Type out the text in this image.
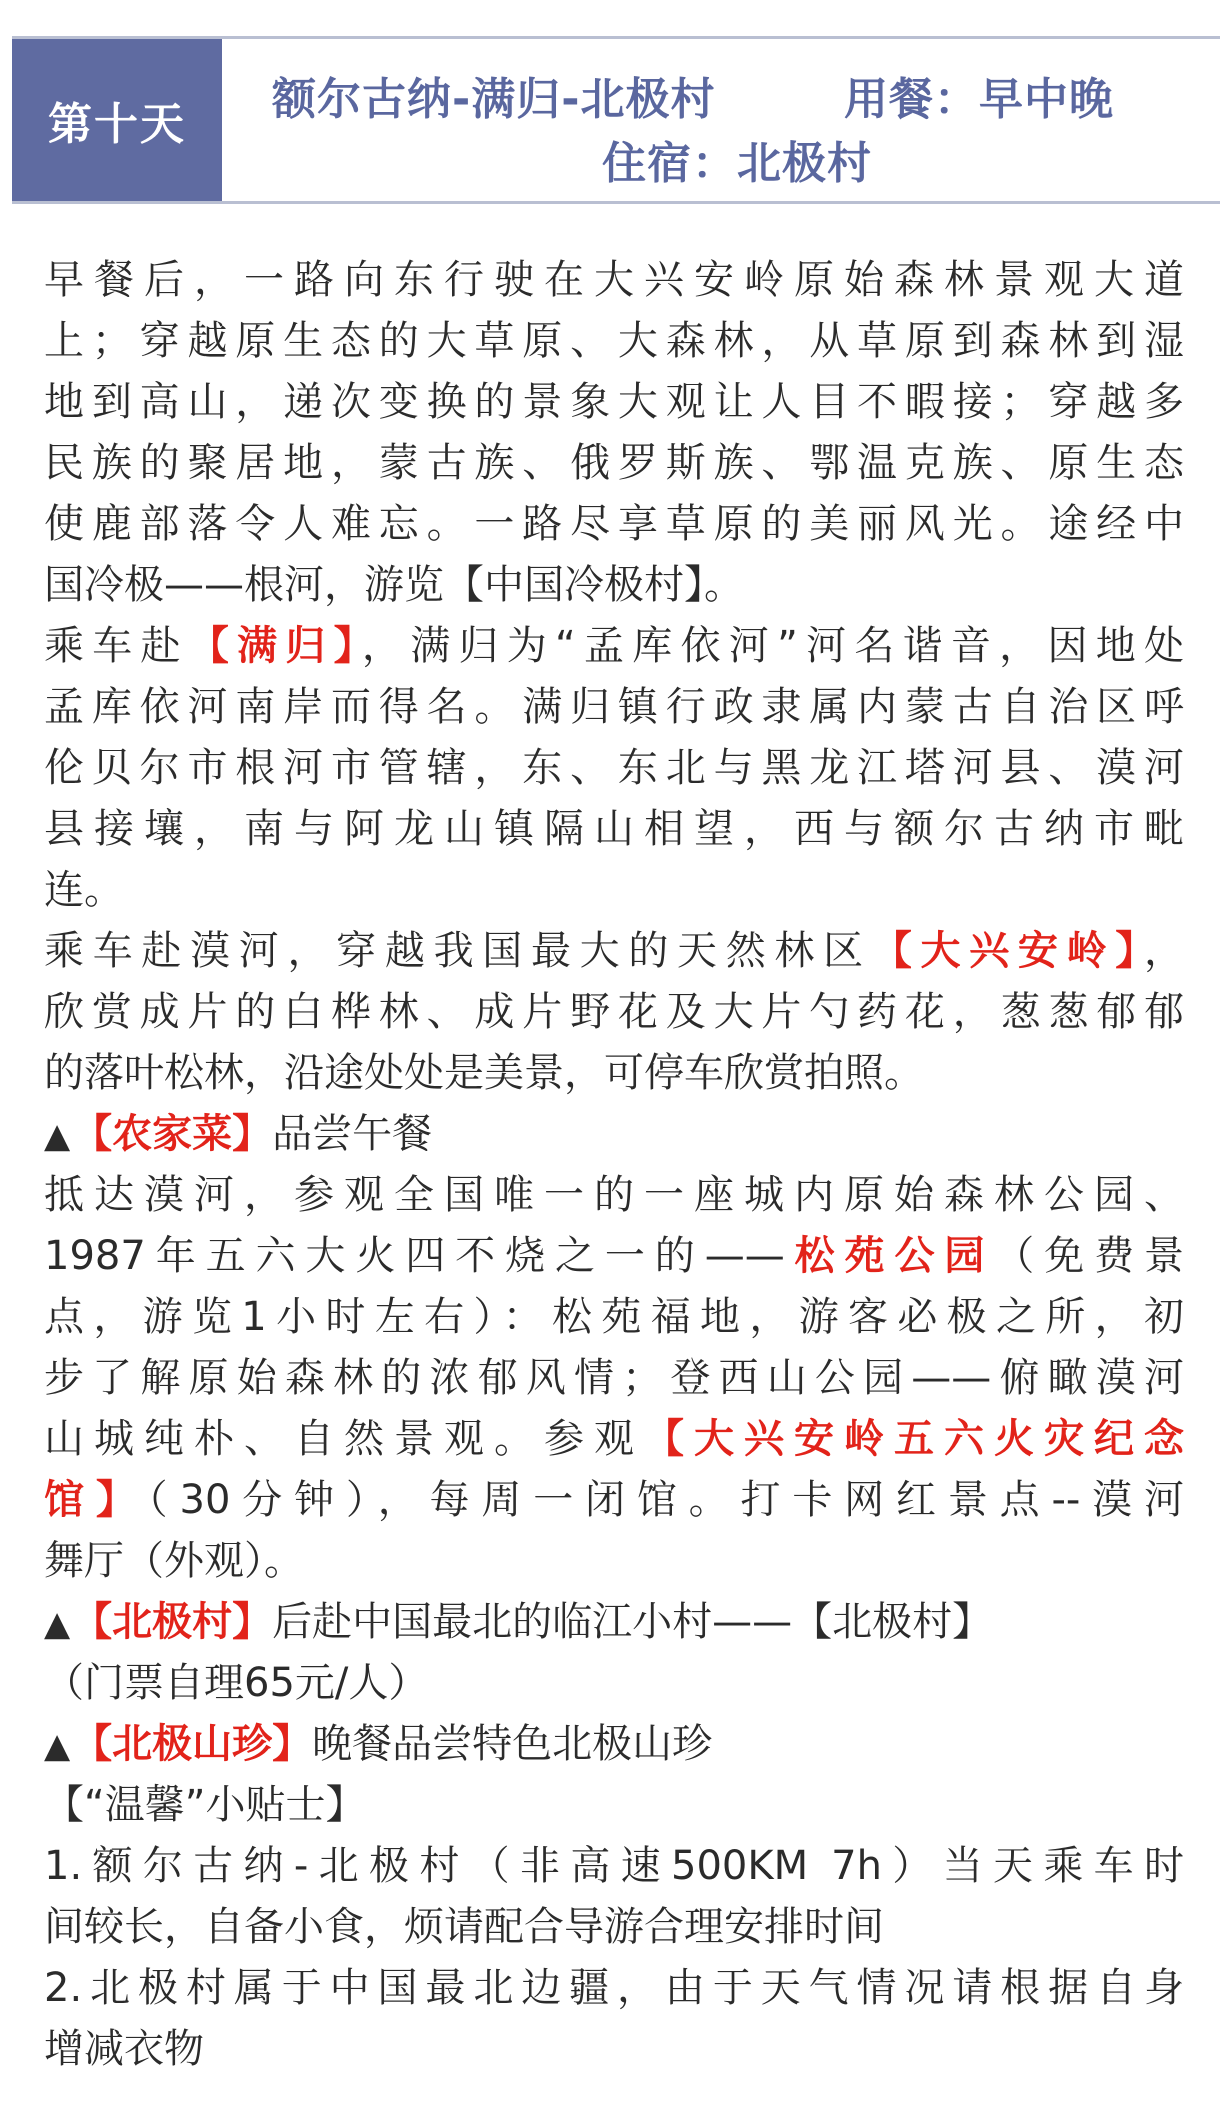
第十天	额尔古纳-满归-北极村	用餐：早中晚
住宿：北极村
早餐后，一路向东行驶在大兴安岭原始森林景观大道
上；穿越原生态的大草原、大森林，从草原到森林到湿
地到高山，递次变换的景象大观让人目不暇接；穿越多
民族的聚居地，蒙古族、俄罗斯族、鄂温克族、原生态
使鹿部落令人难忘。一路尽享草原的美丽风光。途经中
国冷极——根河，游览【中国冷极村】。
乘车赴【满归】，满归为“孟库依河”河名谐音，因地处
孟库依河南岸而得名。满归镇行政隶属内蒙古自治区呼
伦贝尔市根河市管辖，东、东北与黑龙江塔河县、漠河
县接壤，南与阿龙山镇隔山相望，西与额尔古纳市毗
连。
乘车赴漠河，穿越我国最大的天然林区【大兴安岭】，
欣赏成片的白桦林、成片野花及大片勺药花，葱葱郁郁
的落叶松林，沿途处处是美景，可停车欣赏拍照。
▲【农家菜】品尝午餐
抵达漠河，参观全国唯一的一座城内原始森林公园、
1987年五六大火四不烧之一的——松苑公园（免费景
点，游览1小时左右）：松苑福地，游客必极之所，初
步了解原始森林的浓郁风情；登西山公园——俯瞰漠河
山城纯朴、自然景观。参观【大兴安岭五六火灾纪念
馆】（30分钟），每周一闭馆。打卡网红景点--漠河
舞厅（外观）。
▲【北极村】后赴中国最北的临江小村——【北极村】
（门票自理65元/人）
▲【北极山珍】晚餐品尝特色北极山珍
【“温馨”小贴士】
1.额尔古纳-北极村（非高速500KM 7h）当天乘车时
间较长，自备小食，烦请配合导游合理安排时间
2.北极村属于中国最北边疆，由于天气情况请根据自身
增减衣物
